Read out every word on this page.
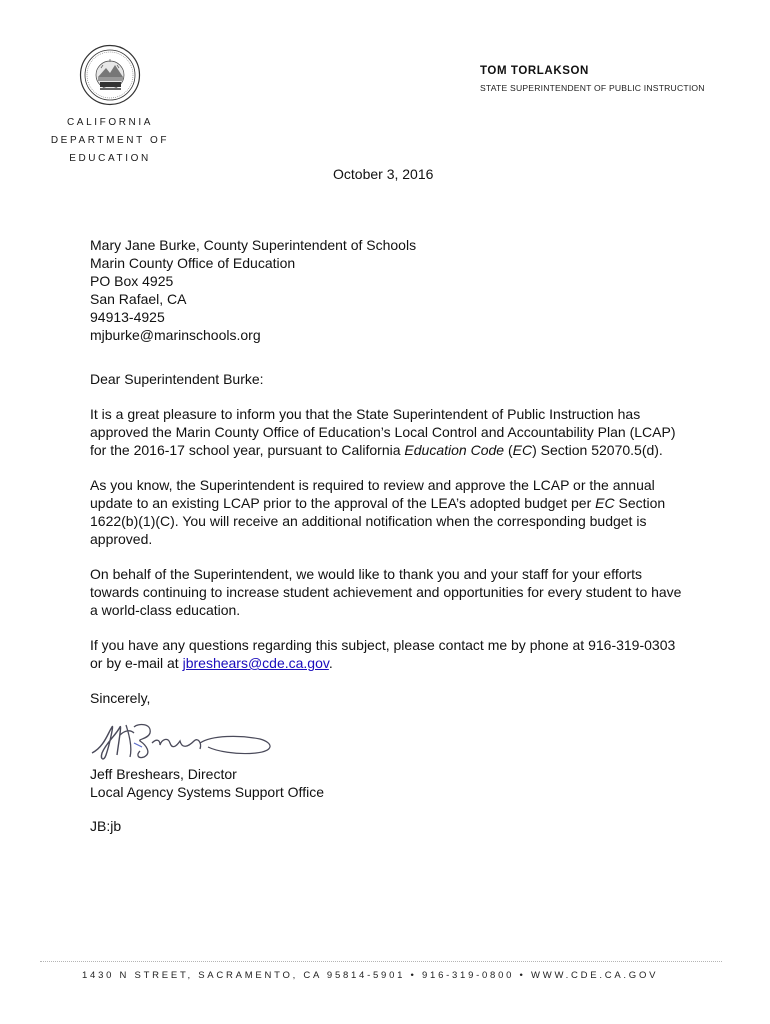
CALIFORNIA
DEPARTMENT OF
EDUCATION
TOM TORLAKSON
STATE SUPERINTENDENT OF PUBLIC INSTRUCTION
October 3, 2016
Mary Jane Burke, County Superintendent of Schools
Marin County Office of Education
PO Box 4925
San Rafael, CA
94913-4925
mjburke@marinschools.org
Dear Superintendent Burke:

It is a great pleasure to inform you that the State Superintendent of Public Instruction has approved the Marin County Office of Education’s Local Control and Accountability Plan (LCAP) for the 2016-17 school year, pursuant to California Education Code (EC) Section 52070.5(d).

As you know, the Superintendent is required to review and approve the LCAP or the annual update to an existing LCAP prior to the approval of the LEA’s adopted budget per EC Section 1622(b)(1)(C). You will receive an additional notification when the corresponding budget is approved.

On behalf of the Superintendent, we would like to thank you and your staff for your efforts towards continuing to increase student achievement and opportunities for every student to have a world-class education.

If you have any questions regarding this subject, please contact me by phone at 916-319-0303 or by e-mail at jbreshears@cde.ca.gov.

Sincerely,
Jeff Breshears, Director
Local Agency Systems Support Office
JB:jb
1430 N STREET, SACRAMENTO, CA 95814-5901 • 916-319-0800 • WWW.CDE.CA.GOV
